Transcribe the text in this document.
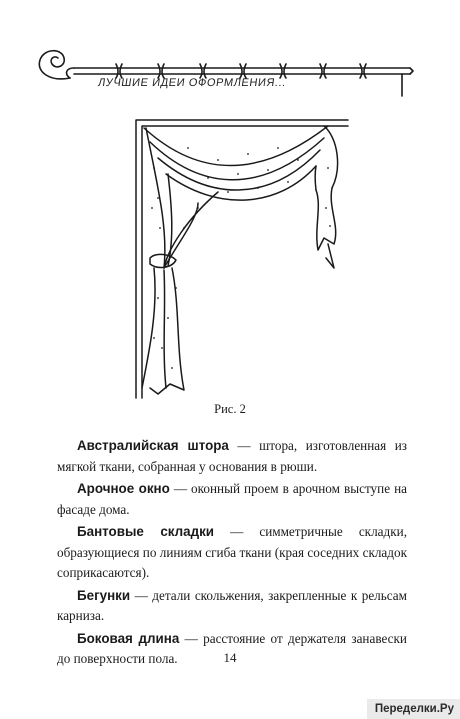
ЛУЧШИЕ ИДЕИ ОФОРМЛЕНИЯ...
Рис. 2

Австралийская штора — штора, изготовленная из мягкой ткани, собранная у основания в рюши.

Арочное окно — оконный проем в арочном выступе на фасаде дома.

Бантовые складки — симметричные складки, образующиеся по линиям сгиба ткани (края соседних складок соприкасаются).

Бегунки — детали скольжения, закрепленные к рельсам карниза.

Боковая длина — расстояние от держателя занавески до поверхности пола.	14
Переделки.Ру
